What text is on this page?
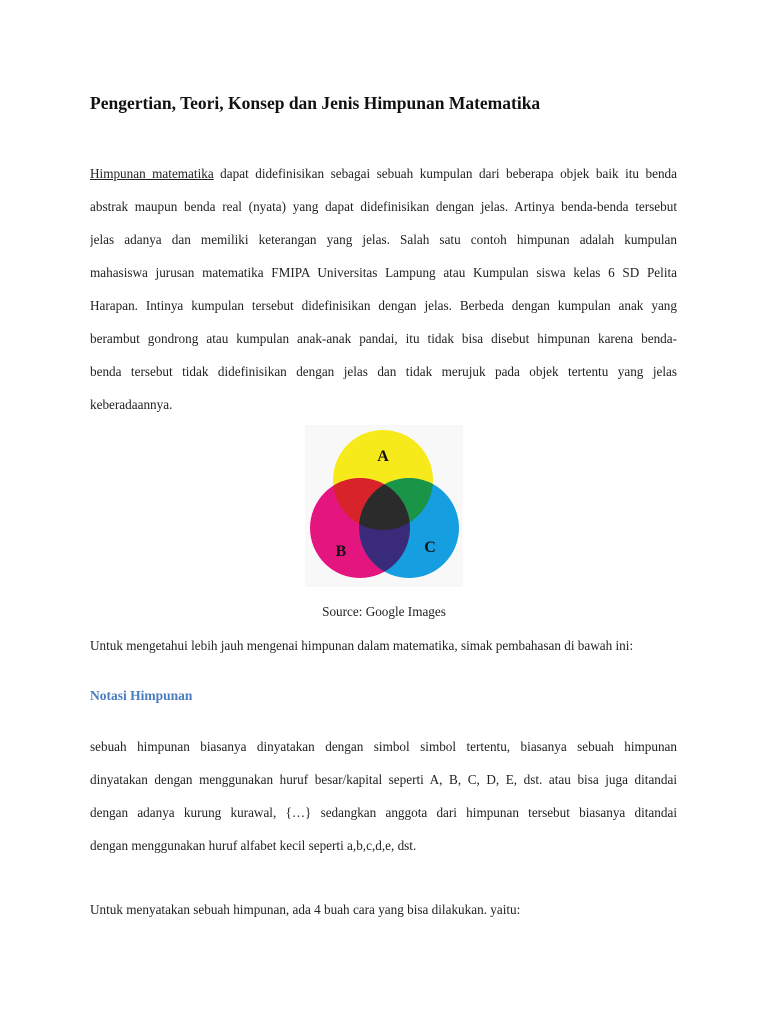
Pengertian, Teori, Konsep dan Jenis Himpunan Matematika
Himpunan matematika dapat didefinisikan sebagai sebuah kumpulan dari beberapa objek baik itu benda
abstrak maupun benda real (nyata) yang dapat didefinisikan dengan jelas. Artinya benda-benda tersebut
jelas adanya dan memiliki keterangan yang jelas. Salah satu contoh himpunan adalah kumpulan
mahasiswa jurusan matematika FMIPA Universitas Lampung atau Kumpulan siswa kelas 6 SD Pelita
Harapan. Intinya kumpulan tersebut didefinisikan dengan jelas. Berbeda dengan kumpulan anak yang
berambut gondrong atau kumpulan anak-anak pandai, itu tidak bisa disebut himpunan karena benda-
benda tersebut tidak didefinisikan dengan jelas dan tidak merujuk pada objek tertentu yang jelas
keberadaannya.
A
B	C
Source: Google Images
Untuk mengetahui lebih jauh mengenai himpunan dalam matematika, simak pembahasan di bawah ini:
Notasi Himpunan
sebuah himpunan biasanya dinyatakan dengan simbol simbol tertentu, biasanya sebuah himpunan
dinyatakan dengan menggunakan huruf besar/kapital seperti A, B, C, D, E, dst. atau bisa juga ditandai
dengan adanya kurung kurawal, {…} sedangkan anggota dari himpunan tersebut biasanya ditandai
dengan menggunakan huruf alfabet kecil seperti a,b,c,d,e, dst.
Untuk menyatakan sebuah himpunan, ada 4 buah cara yang bisa dilakukan. yaitu:
